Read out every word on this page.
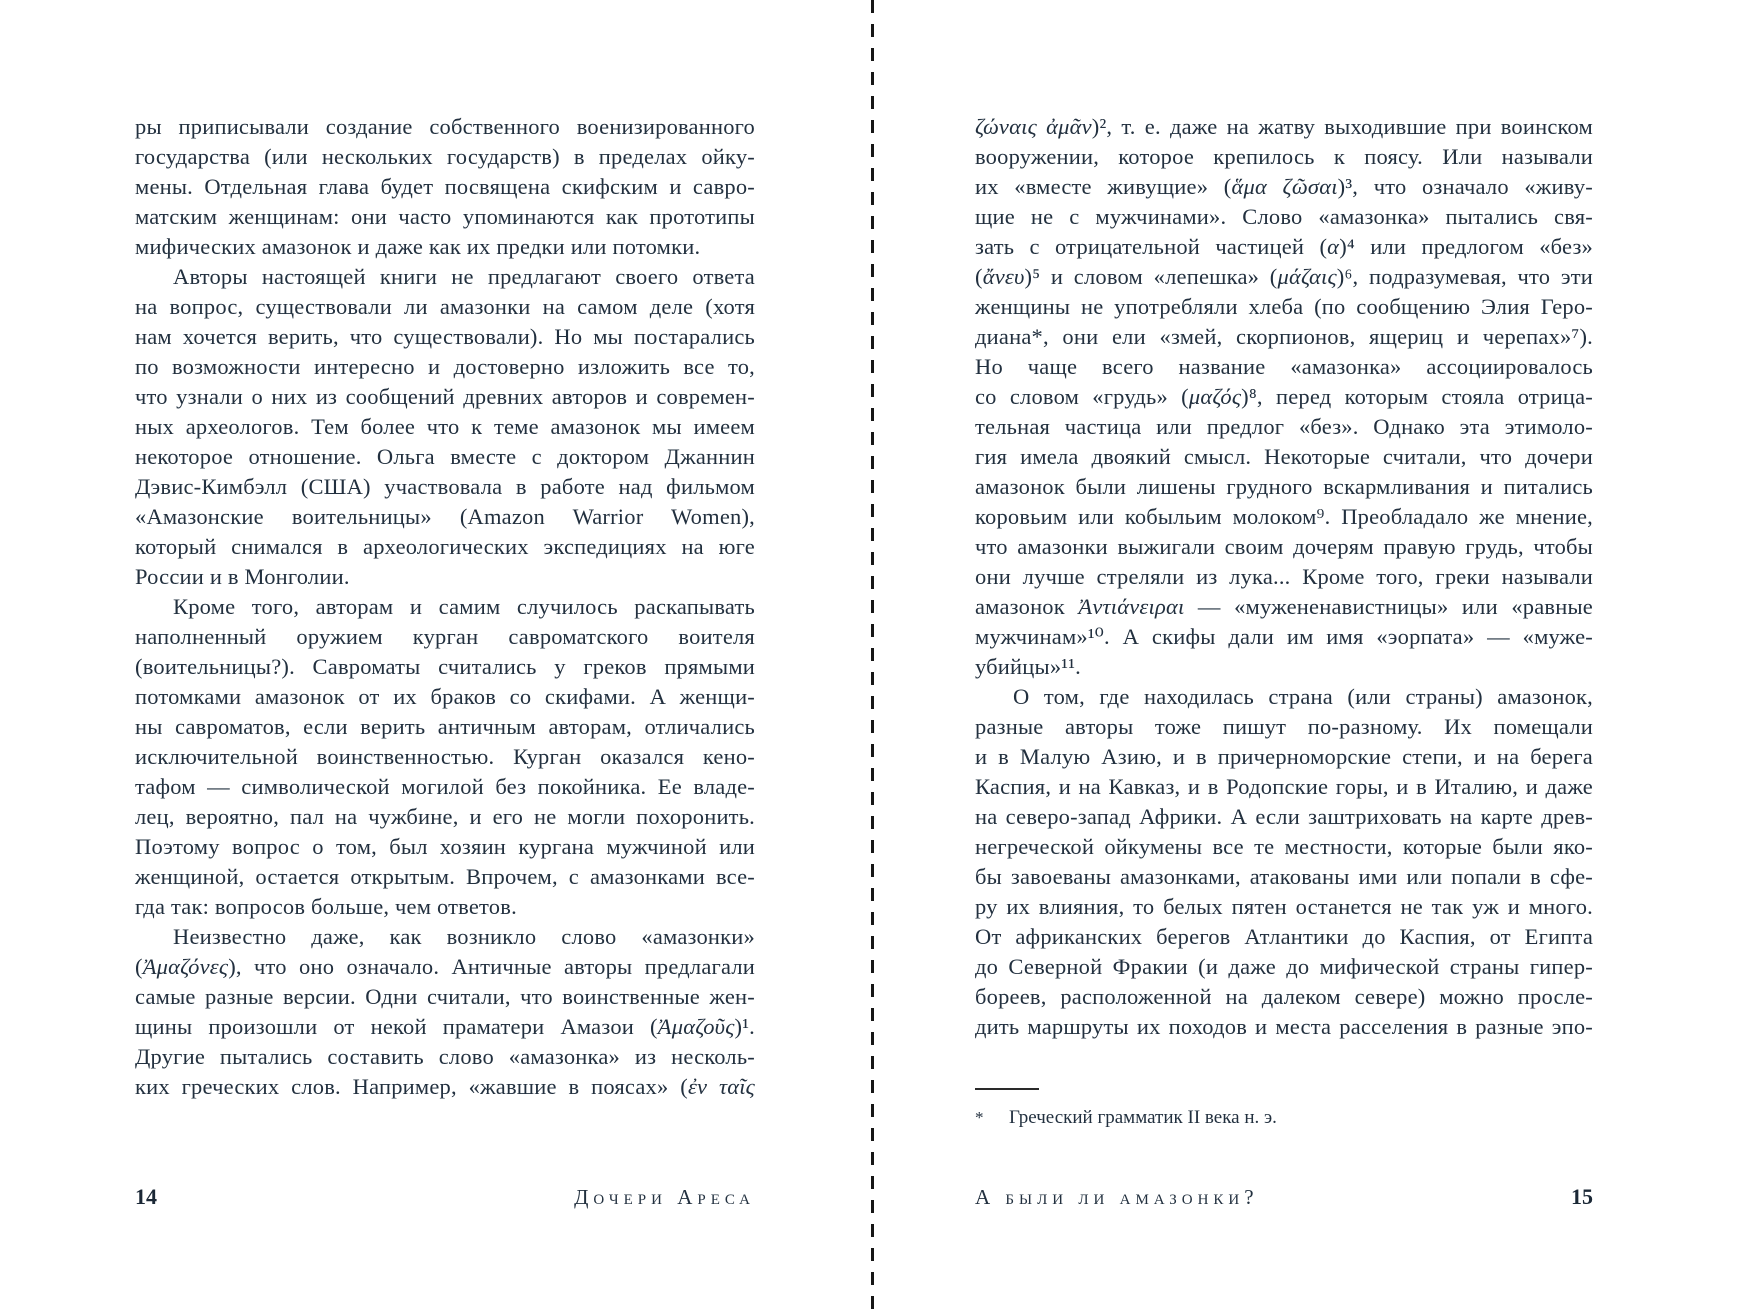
ры приписывали создание собственного военизированного
государства (или нескольких государств) в пределах ойку-
мены. Отдельная глава будет посвящена скифским и савро-
матским женщинам: они часто упоминаются как прототипы
мифических амазонок и даже как их предки или потомки.
Авторы настоящей книги не предлагают своего ответа
на вопрос, существовали ли амазонки на самом деле (хотя
нам хочется верить, что существовали). Но мы постарались
по возможности интересно и достоверно изложить все то,
что узнали о них из сообщений древних авторов и современ-
ных археологов. Тем более что к теме амазонок мы имеем
некоторое отношение. Ольга вместе с доктором Джаннин
Дэвис-Кимбэлл (США) участвовала в работе над фильмом
«Амазонские воительницы» (Amazon Warrior Women),
который снимался в археологических экспедициях на юге
России и в Монголии.
Кроме того, авторам и самим случилось раскапывать
наполненный оружием курган савроматского воителя
(воительницы?). Савроматы считались у греков прямыми
потомками амазонок от их браков со скифами. А женщи-
ны савроматов, если верить античным авторам, отличались
исключительной воинственностью. Курган оказался кено-
тафом — символической могилой без покойника. Ее владе-
лец, вероятно, пал на чужбине, и его не могли похоронить.
Поэтому вопрос о том, был хозяин кургана мужчиной или
женщиной, остается открытым. Впрочем, с амазонками все-
гда так: вопросов больше, чем ответов.
Неизвестно даже, как возникло слово «амазонки»
(Ἀμαζόνες), что оно означало. Античные авторы предлагали
самые разные версии. Одни считали, что воинственные жен-
щины произошли от некой праматери Амазои (Ἀμαζοῦς)¹.
Другие пытались составить слово «амазонка» из несколь-
ких греческих слов. Например, «жавшие в поясах» (ἐν ταῖς
14	Дочери Ареса
ζώναις ἀμᾶν)², т. е. даже на жатву выходившие при воинском
вооружении, которое крепилось к поясу. Или называли
их «вместе живущие» (ἅμα ζῶσαι)³, что означало «живу-
щие не с мужчинами». Слово «амазонка» пытались свя-
зать с отрицательной частицей (α)⁴ или предлогом «без»
(ἄνευ)⁵ и словом «лепешка» (μάζαις)⁶, подразумевая, что эти
женщины не употребляли хлеба (по сообщению Элия Геро-
диана*, они ели «змей, скорпионов, ящериц и черепах»⁷).
Но чаще всего название «амазонка» ассоциировалось
со словом «грудь» (μαζός)⁸, перед которым стояла отрица-
тельная частица или предлог «без». Однако эта этимоло-
гия имела двоякий смысл. Некоторые считали, что дочери
амазонок были лишены грудного вскармливания и питались
коровьим или кобыльим молоком⁹. Преобладало же мнение,
что амазонки выжигали своим дочерям правую грудь, чтобы
они лучше стреляли из лука... Кроме того, греки называли
амазонок Ἀντιάνειραι — «мужененавистницы» или «равные
мужчинам»¹⁰. А скифы дали им имя «эорпата» — «муже-
убийцы»¹¹.
О том, где находилась страна (или страны) амазонок,
разные авторы тоже пишут по-разному. Их помещали
и в Малую Азию, и в причерноморские степи, и на берега
Каспия, и на Кавказ, и в Родопские горы, и в Италию, и даже
на северо-запад Африки. А если заштриховать на карте древ-
негреческой ойкумены все те местности, которые были яко-
бы завоеваны амазонками, атакованы ими или попали в сфе-
ру их влияния, то белых пятен останется не так уж и много.
От африканских берегов Атлантики до Каспия, от Египта
до Северной Фракии (и даже до мифической страны гипер-
бореев, расположенной на далеком севере) можно просле-
дить маршруты их походов и места расселения в разные эпо-
*	Греческий грамматик II века н. э.
А были ли амазонки?	15
